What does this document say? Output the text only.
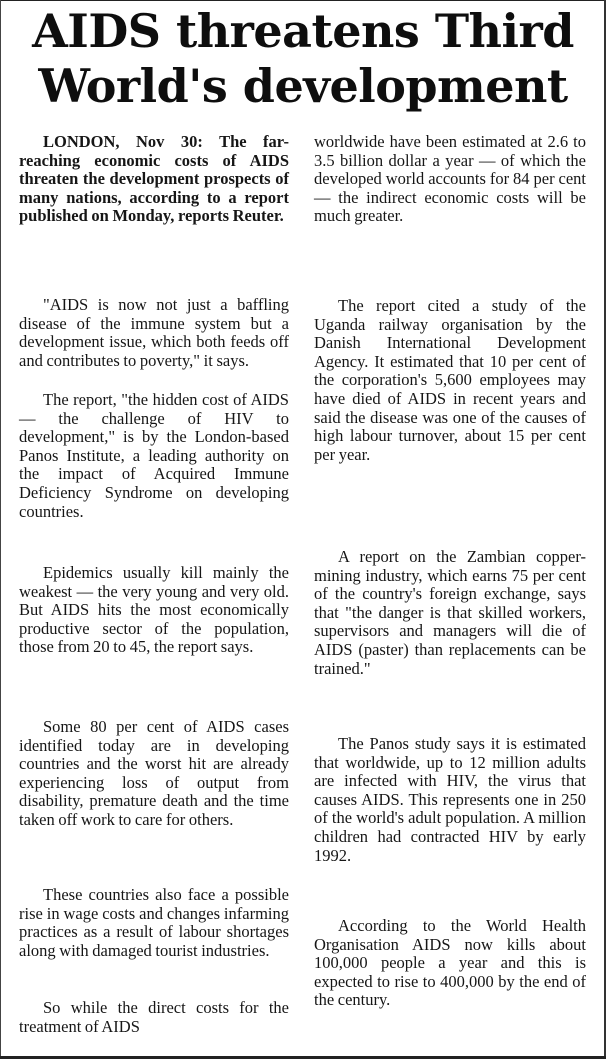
AIDS threatens Third
World's development

LONDON, Nov 30: The far-reaching economic costs of AIDS threaten the development prospects of many nations, according to a report published on Monday, reports Reuter.

"AIDS is now not just a baffling disease of the immune system but a development issue, which both feeds off and contributes to poverty," it says.

The report, "the hidden cost of AIDS — the challenge of HIV to development," is by the London-based Panos Institute, a leading authority on the impact of Acquired Immune Deficiency Syndrome on developing countries.

Epidemics usually kill mainly the weakest — the very young and very old. But AIDS hits the most economically productive sector of the population, those from 20 to 45, the report says.

Some 80 per cent of AIDS cases identified today are in developing countries and the worst hit are already experiencing loss of output from disability, premature death and the time taken off work to care for others.

These countries also face a possible rise in wage costs and changes infarming practices as a result of labour shortages along with damaged tourist industries.

So while the direct costs for the treatment of AIDS

worldwide have been estimated at 2.6 to 3.5 billion dollar a year — of which the developed world accounts for 84 per cent — the indirect economic costs will be much greater.

The report cited a study of the Uganda railway organisation by the Danish International Development Agency. It estimated that 10 per cent of the corporation's 5,600 employees may have died of AIDS in recent years and said the disease was one of the causes of high labour turnover, about 15 per cent per year.

A report on the Zambian copper-mining industry, which earns 75 per cent of the country's foreign exchange, says that "the danger is that skilled workers, supervisors and managers will die of AIDS (paster) than replacements can be trained."

The Panos study says it is estimated that worldwide, up to 12 million adults are infected with HIV, the virus that causes AIDS. This represents one in 250 of the world's adult population. A million children had contracted HIV by early 1992.

According to the World Health Organisation AIDS now kills about 100,000 people a year and this is expected to rise to 400,000 by the end of the century.
